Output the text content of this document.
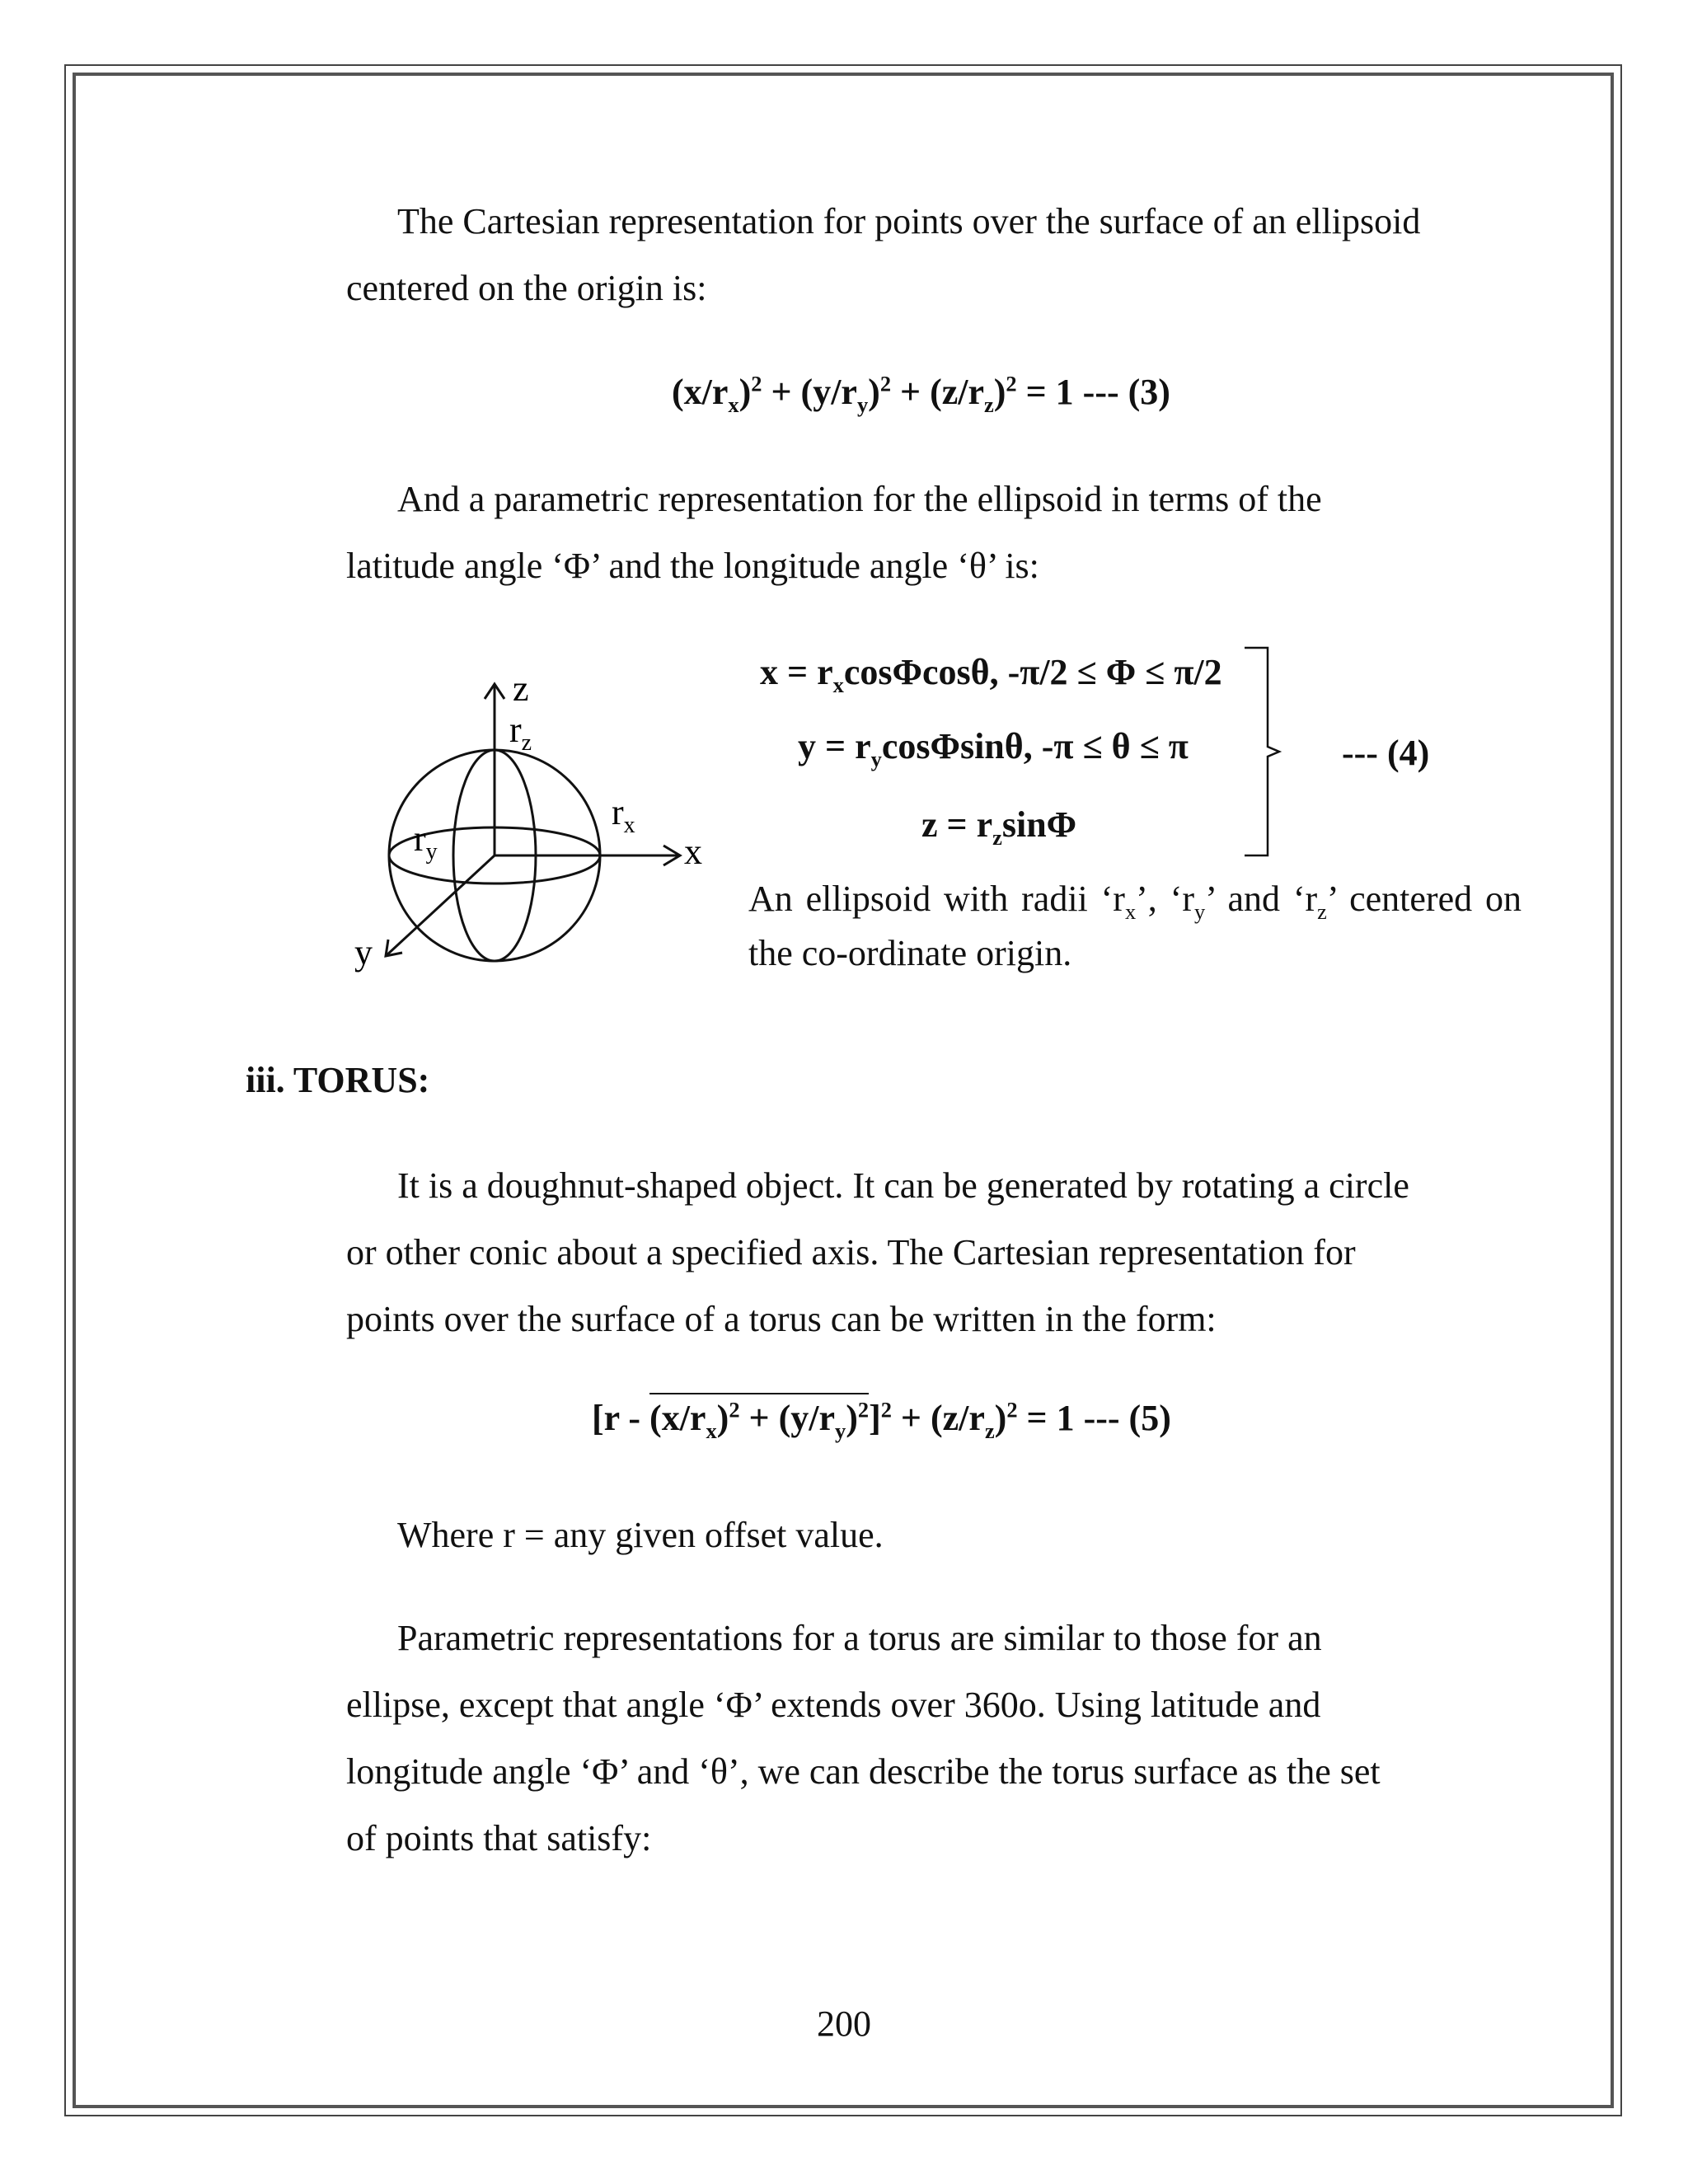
The Cartesian representation for points over the surface of an ellipsoid
centered on the origin is:

$(x/r_x)^2 + (y/r_y)^2 + (z/r_z)^2 = 1$ --- (3)

And a parametric representation for the ellipsoid in terms of the
latitude angle ‘Φ’ and the longitude angle ‘θ’ is:

z
$r_z$
$r_x$
$r_y$	x
y
$x = r_x\cos\Phi\cos\theta$, -π/2 ≤ Φ ≤ π/2
$y = r_y\cos\Phi\sin\theta$, -π ≤ θ ≤ π
$z = r_z\sin\Phi$
--- (4)

An ellipsoid with radii ‘$r_x$’, ‘$r_y$’ and ‘$r_z$’ centered on the co-ordinate origin.

iii. TORUS:

It is a doughnut-shaped object. It can be generated by rotating a circle
or other conic about a specified axis. The Cartesian representation for
points over the surface of a torus can be written in the form:

$[r - (x/r_x)^2 + (y/r_y)^2]^2 + (z/r_z)^2 = 1$ --- (5)

Where r = any given offset value.

Parametric representations for a torus are similar to those for an
ellipse, except that angle ‘Φ’ extends over 360o. Using latitude and
longitude angle ‘Φ’ and ‘θ’, we can describe the torus surface as the set
of points that satisfy:

200
